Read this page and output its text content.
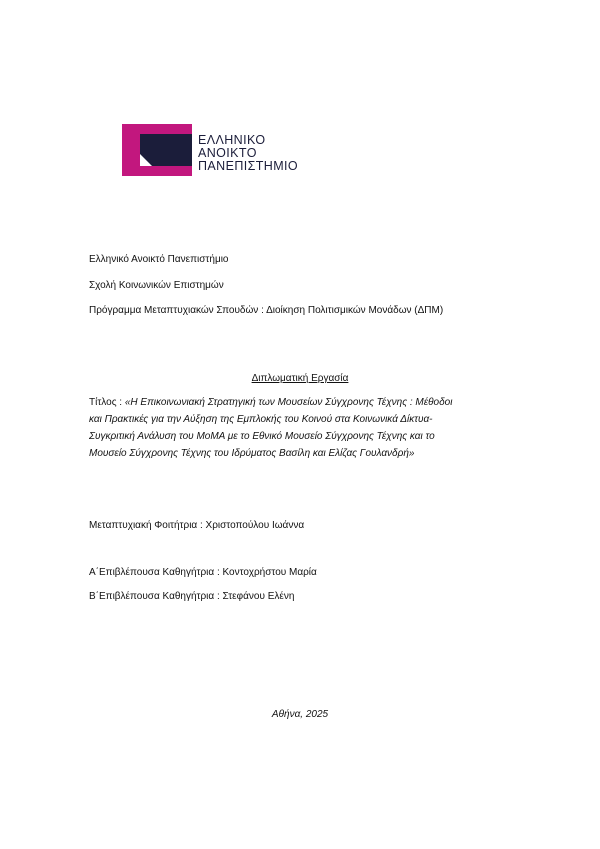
ΕΛΛΗΝΙΚΟ
ΑΝΟΙΚΤΟ
ΠΑΝΕΠΙΣΤΗΜΙΟ
Ελληνικό Ανοικτό Πανεπιστήμιο
Σχολή Κοινωνικών Επιστημών
Πρόγραμμα Μεταπτυχιακών Σπουδών : Διοίκηση Πολιτισμικών Μονάδων (ΔΠΜ)
Διπλωματική Εργασία
Τίτλος : «Η Επικοινωνιακή Στρατηγική των Μουσείων Σύγχρονης Τέχνης : Μέθοδοι
και Πρακτικές για την Αύξηση της Εμπλοκής του Κοινού στα Κοινωνικά Δίκτυα-
Συγκριτική Ανάλυση του MoMA με το Εθνικό Μουσείο Σύγχρονης Τέχνης και το
Μουσείο Σύγχρονης Τέχνης του Ιδρύματος Βασίλη και Ελίζας Γουλανδρή»
Μεταπτυχιακή Φοιτήτρια : Χριστοπούλου Ιωάννα
Α΄Επιβλέπουσα Καθηγήτρια : Κοντοχρήστου Μαρία
Β΄Επιβλέπουσα Καθηγήτρια : Στεφάνου Ελένη
Αθήνα, 2025
